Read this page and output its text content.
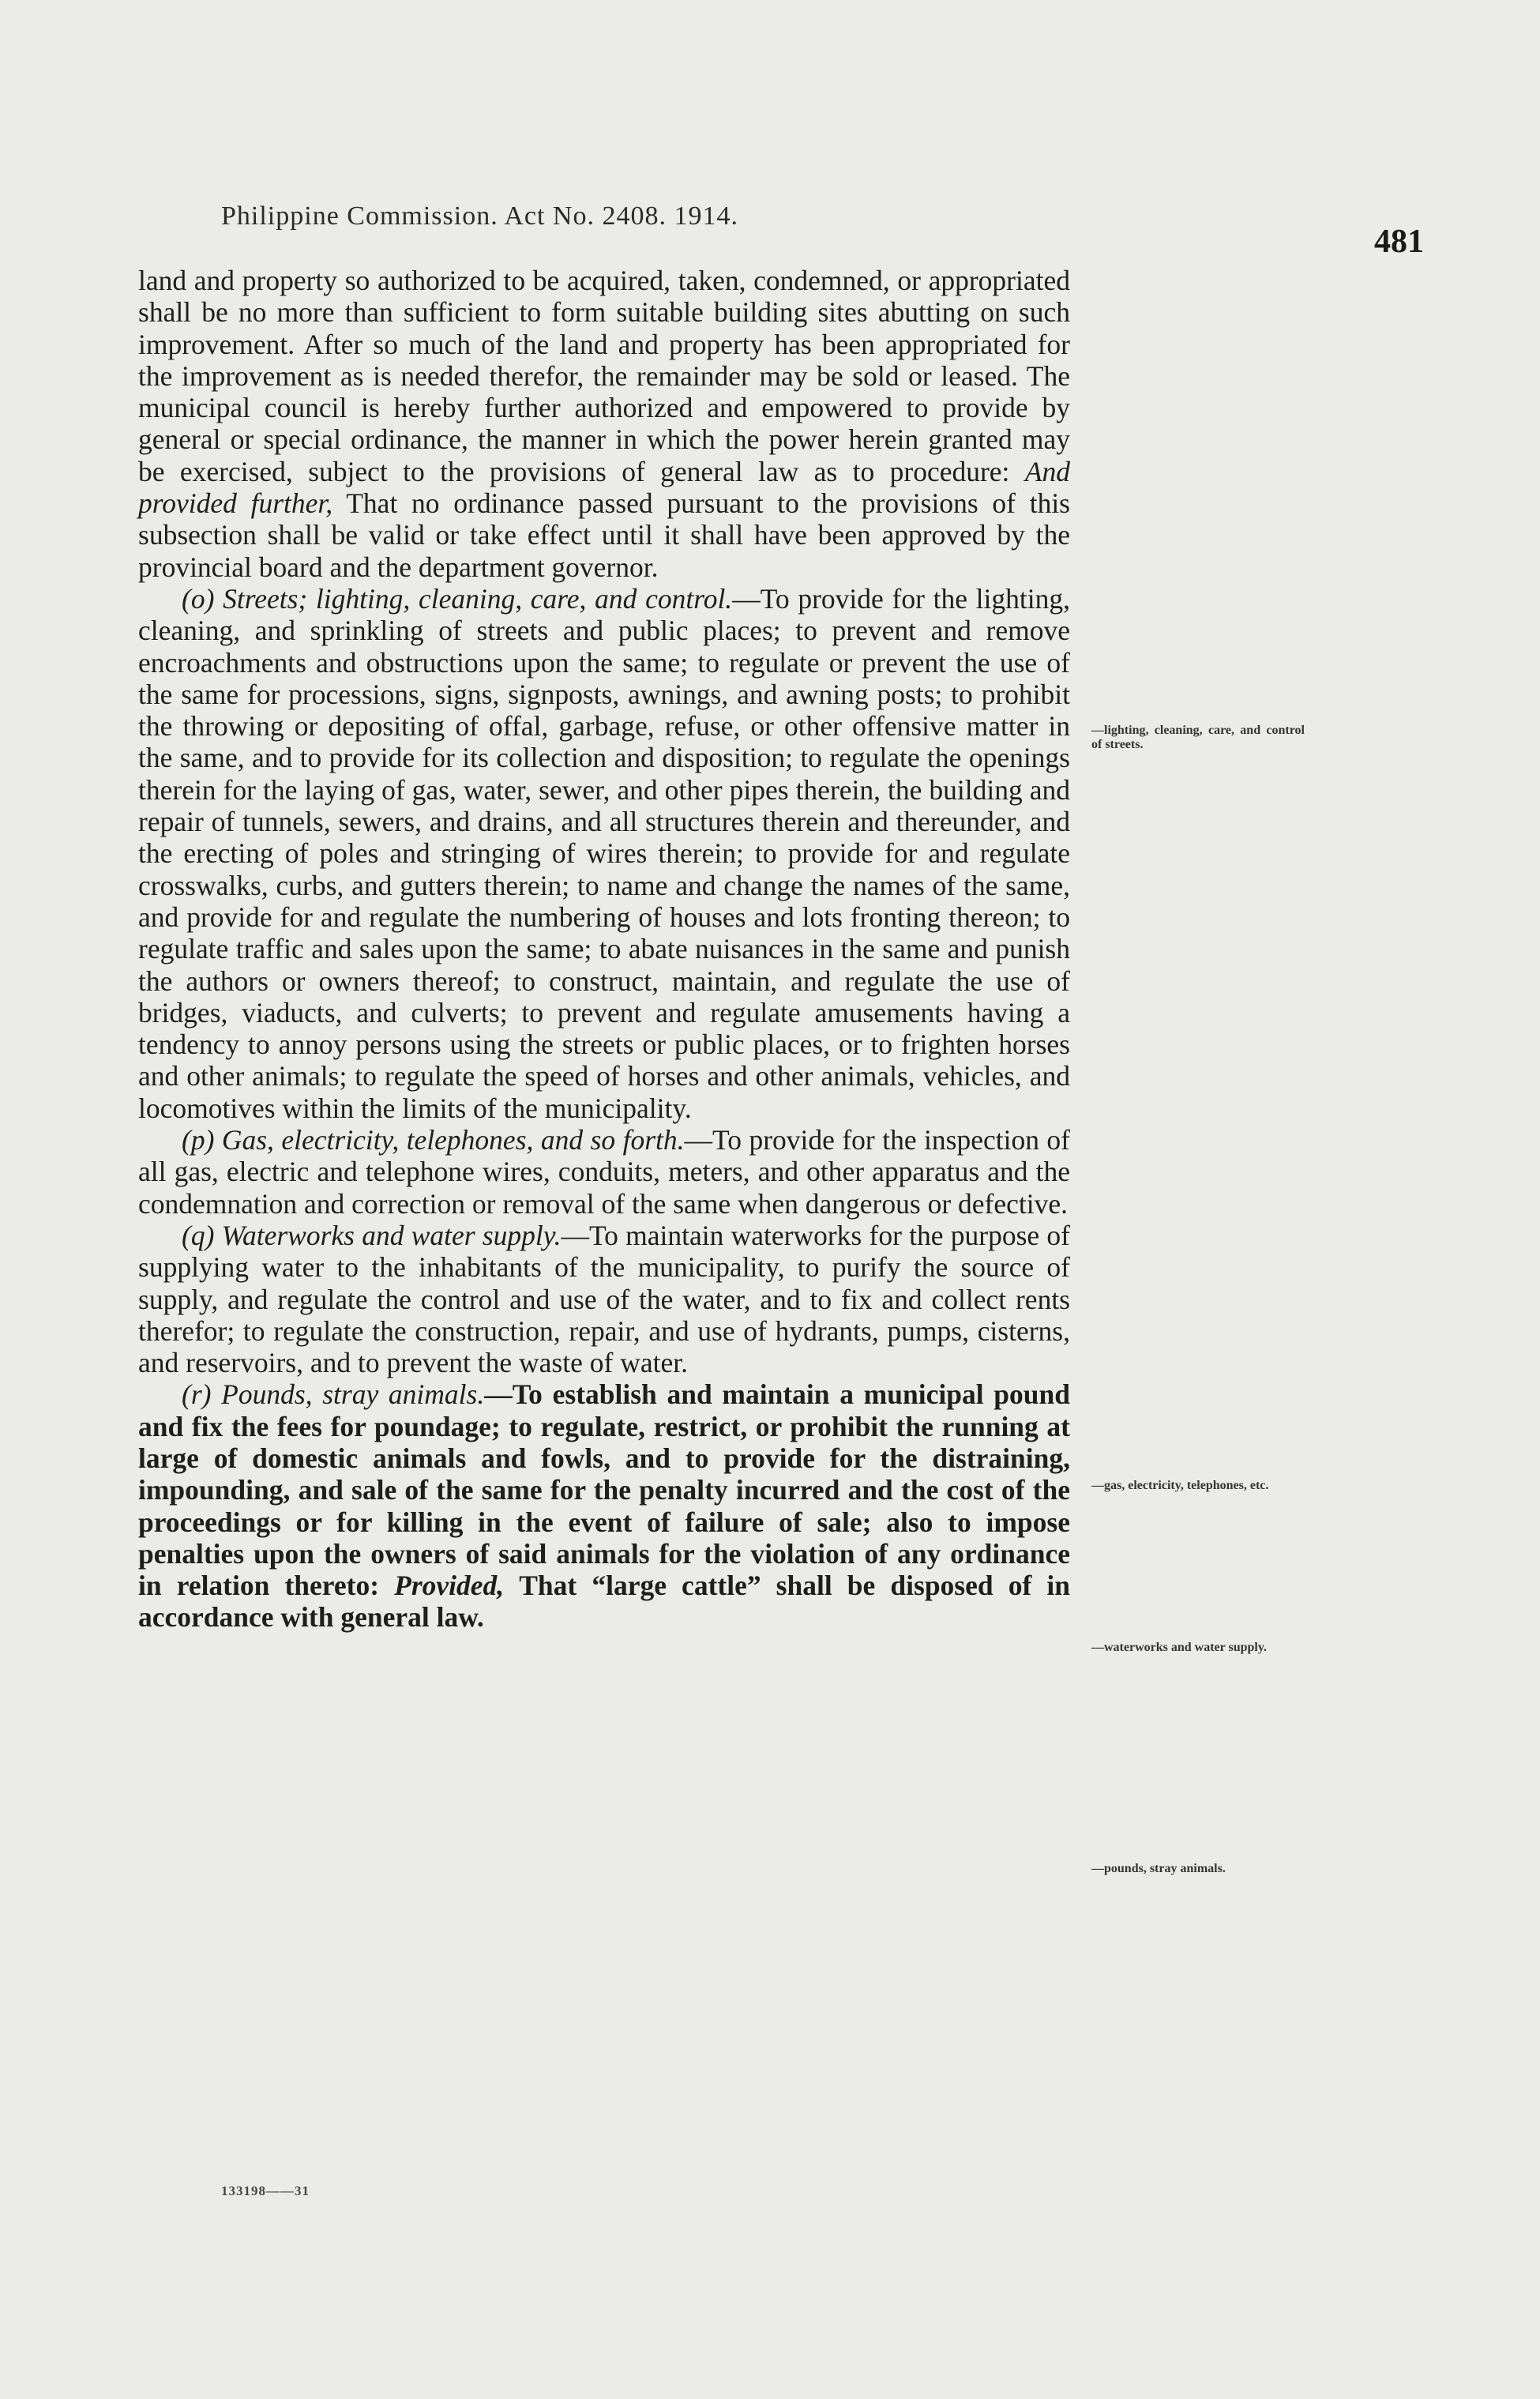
Philippine Commission. Act No. 2408. 1914.
481

land and property so authorized to be acquired, taken, condemned, or appropriated shall be no more than sufficient to form suitable building sites abutting on such improvement. After so much of the land and property has been appropriated for the improvement as is needed therefor, the remainder may be sold or leased. The municipal council is hereby further authorized and empowered to provide by general or special ordinance, the manner in which the power herein granted may be exercised, subject to the provisions of general law as to procedure: And provided further, That no ordinance passed pursuant to the provisions of this subsection shall be valid or take effect until it shall have been approved by the provincial board and the department governor.

(o) Streets; lighting, cleaning, care, and control.—To provide for the lighting, cleaning, and sprinkling of streets and public places; to prevent and remove encroachments and obstructions upon the same; to regulate or prevent the use of the same for processions, signs, signposts, awnings, and awning posts; to prohibit the throwing or depositing of offal, garbage, refuse, or other offensive matter in the same, and to provide for its collection and disposition; to regulate the openings therein for the laying of gas, water, sewer, and other pipes therein, the building and repair of tunnels, sewers, and drains, and all structures therein and thereunder, and the erecting of poles and stringing of wires therein; to provide for and regulate crosswalks, curbs, and gutters therein; to name and change the names of the same, and provide for and regulate the numbering of houses and lots fronting thereon; to regulate traffic and sales upon the same; to abate nuisances in the same and punish the authors or owners thereof; to construct, maintain, and regulate the use of bridges, viaducts, and culverts; to prevent and regulate amusements having a tendency to annoy persons using the streets or public places, or to frighten horses and other animals; to regulate the speed of horses and other animals, vehicles, and locomotives within the limits of the municipality.

(p) Gas, electricity, telephones, and so forth.—To provide for the inspection of all gas, electric and telephone wires, conduits, meters, and other apparatus and the condemnation and correction or removal of the same when dangerous or defective.

(q) Waterworks and water supply.—To maintain waterworks for the purpose of supplying water to the inhabitants of the municipality, to purify the source of supply, and regulate the control and use of the water, and to fix and collect rents therefor; to regulate the construction, repair, and use of hydrants, pumps, cisterns, and reservoirs, and to prevent the waste of water.

(r) Pounds, stray animals.—To establish and maintain a municipal pound and fix the fees for poundage; to regulate, restrict, or prohibit the running at large of domestic animals and fowls, and to provide for the distraining, impounding, and sale of the same for the penalty incurred and the cost of the proceedings or for killing in the event of failure of sale; also to impose penalties upon the owners of said animals for the violation of any ordinance in relation thereto: Provided, That “large cattle” shall be disposed of in accordance with general law.

—lighting, cleaning, care, and control of streets.
—gas, electricity, telephones, etc.
—waterworks and water supply.
—pounds, stray animals.
133198——31
